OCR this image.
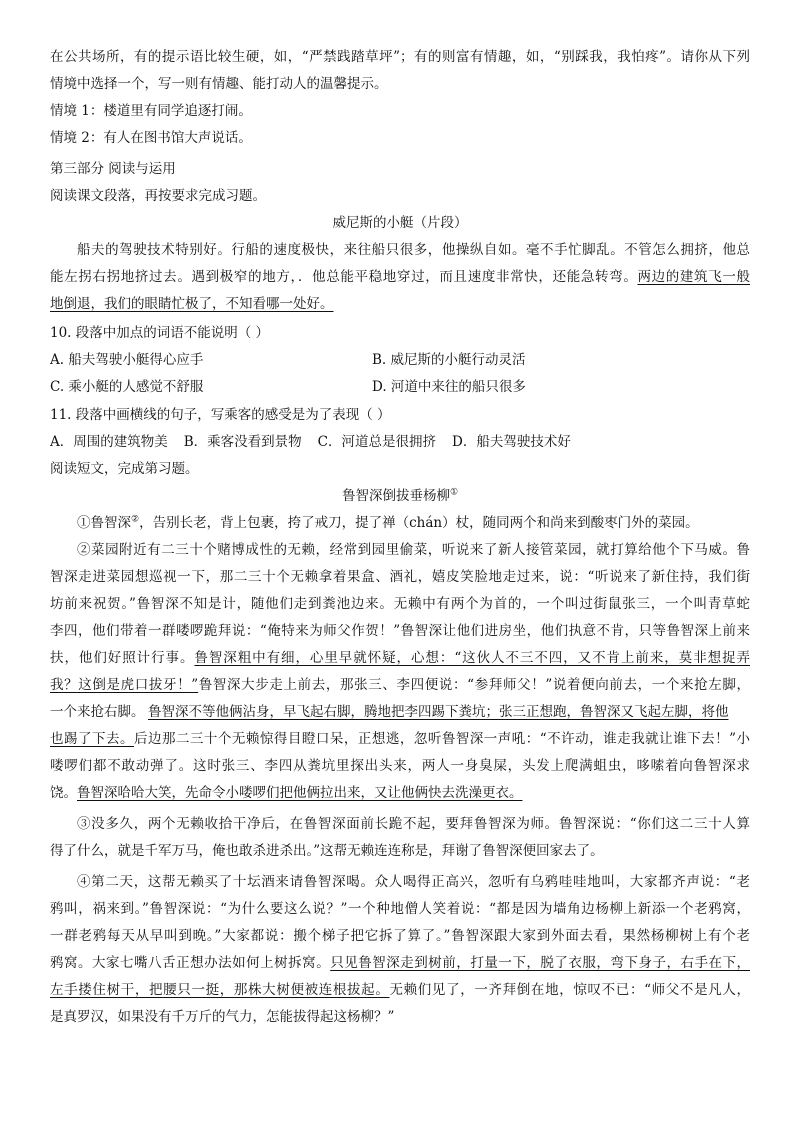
在公共场所，有的提示语比较生硬，如，“严禁践踏草坪”；有的则富有情趣，如，“别踩我，我怕疼”。请你从下列
情境中选择一个，写一则有情趣、能打动人的温馨提示。
情境 1：楼道里有同学追逐打闹。
情境 2：有人在图书馆大声说话。
第三部分 阅读与运用
阅读课文段落，再按要求完成习题。
威尼斯的小艇（片段）
船夫的驾驶技术特别好。行船的速度极快，来往船只很多，他操纵自如。毫不手忙脚乱。不管怎么拥挤，他总
能左拐右拐地挤过去。遇到极窄的地方，．他总能平稳地穿过，而且速度非常快，还能急转弯。两边的建筑飞一般
地倒退，我们的眼睛忙极了，不知看哪一处好。
10. 段落中加点的词语不能说明（ ）
A. 船夫驾驶小艇得心应手	B. 威尼斯的小艇行动灵活
C. 乘小艇的人感觉不舒服	D. 河道中来往的船只很多
11. 段落中画横线的句子，写乘客的感受是为了表现（ ）
A．周围的建筑物美 B．乘客没看到景物 C．河道总是很拥挤 D．船夫驾驶技术好
阅读短文，完成第习题。
鲁智深倒拔垂杨柳①
①鲁智深②，告别长老，背上包裹，挎了戒刀，提了禅（chán）杖，随同两个和尚来到酸枣门外的菜园。
②菜园附近有二三十个赌博成性的无赖，经常到园里偷菜，听说来了新人接管菜园，就打算给他个下马威。鲁
智深走进菜园想巡视一下，那二三十个无赖拿着果盒、酒礼，嬉皮笑脸地走过来，说：“听说来了新住持，我们街
坊前来祝贺。”鲁智深不知是计，随他们走到粪池边来。无赖中有两个为首的，一个叫过街鼠张三，一个叫青草蛇
李四，他们带着一群喽啰跪拜说：“俺特来为师父作贺！”鲁智深让他们进房坐，他们执意不肯，只等鲁智深上前来
扶，他们好照计行事。鲁智深粗中有细，心里早就怀疑，心想：“这伙人不三不四，又不肯上前来，莫非想捉弄
我？这倒是虎口拔牙！”鲁智深大步走上前去，那张三、李四便说：“参拜师父！”说着便向前去，一个来抢左脚，
一个来抢右脚。 鲁智深不等他俩沾身，早飞起右脚，腾地把李四踢下粪坑；张三正想跑，鲁智深又飞起左脚，将他
也踢了下去。后边那二三十个无赖惊得目瞪口呆，正想逃，忽听鲁智深一声吼：“不许动，谁走我就让谁下去！”小
喽啰们都不敢动弹了。这时张三、李四从粪坑里探出头来，两人一身臭屎，头发上爬满蛆虫，哆嗦着向鲁智深求
饶。鲁智深哈哈大笑，先命令小喽啰们把他俩拉出来，又让他俩快去洗澡更衣。
③没多久，两个无赖收拾干净后，在鲁智深面前长跪不起，要拜鲁智深为师。鲁智深说：“你们这二三十人算
得了什么，就是千军万马，俺也敢杀进杀出。”这帮无赖连连称是，拜谢了鲁智深便回家去了。
④第二天，这帮无赖买了十坛酒来请鲁智深喝。众人喝得正高兴，忽听有乌鸦哇哇地叫，大家都齐声说：“老
鸦叫，祸来到。”鲁智深说：“为什么要这么说？”一个种地僧人笑着说：“都是因为墙角边杨柳上新添一个老鸦窝，
一群老鸦每天从早叫到晚。”大家都说：搬个梯子把它拆了算了。”鲁智深跟大家到外面去看，果然杨柳树上有个老
鸦窝。大家七嘴八舌正想办法如何上树拆窝。只见鲁智深走到树前，打量一下，脱了衣服，弯下身子，右手在下，
左手搂住树干，把腰只一挺，那株大树便被连根拔起。无赖们见了，一齐拜倒在地，惊叹不已：“师父不是凡人，
是真罗汉，如果没有千万斤的气力，怎能拔得起这杨柳？”
